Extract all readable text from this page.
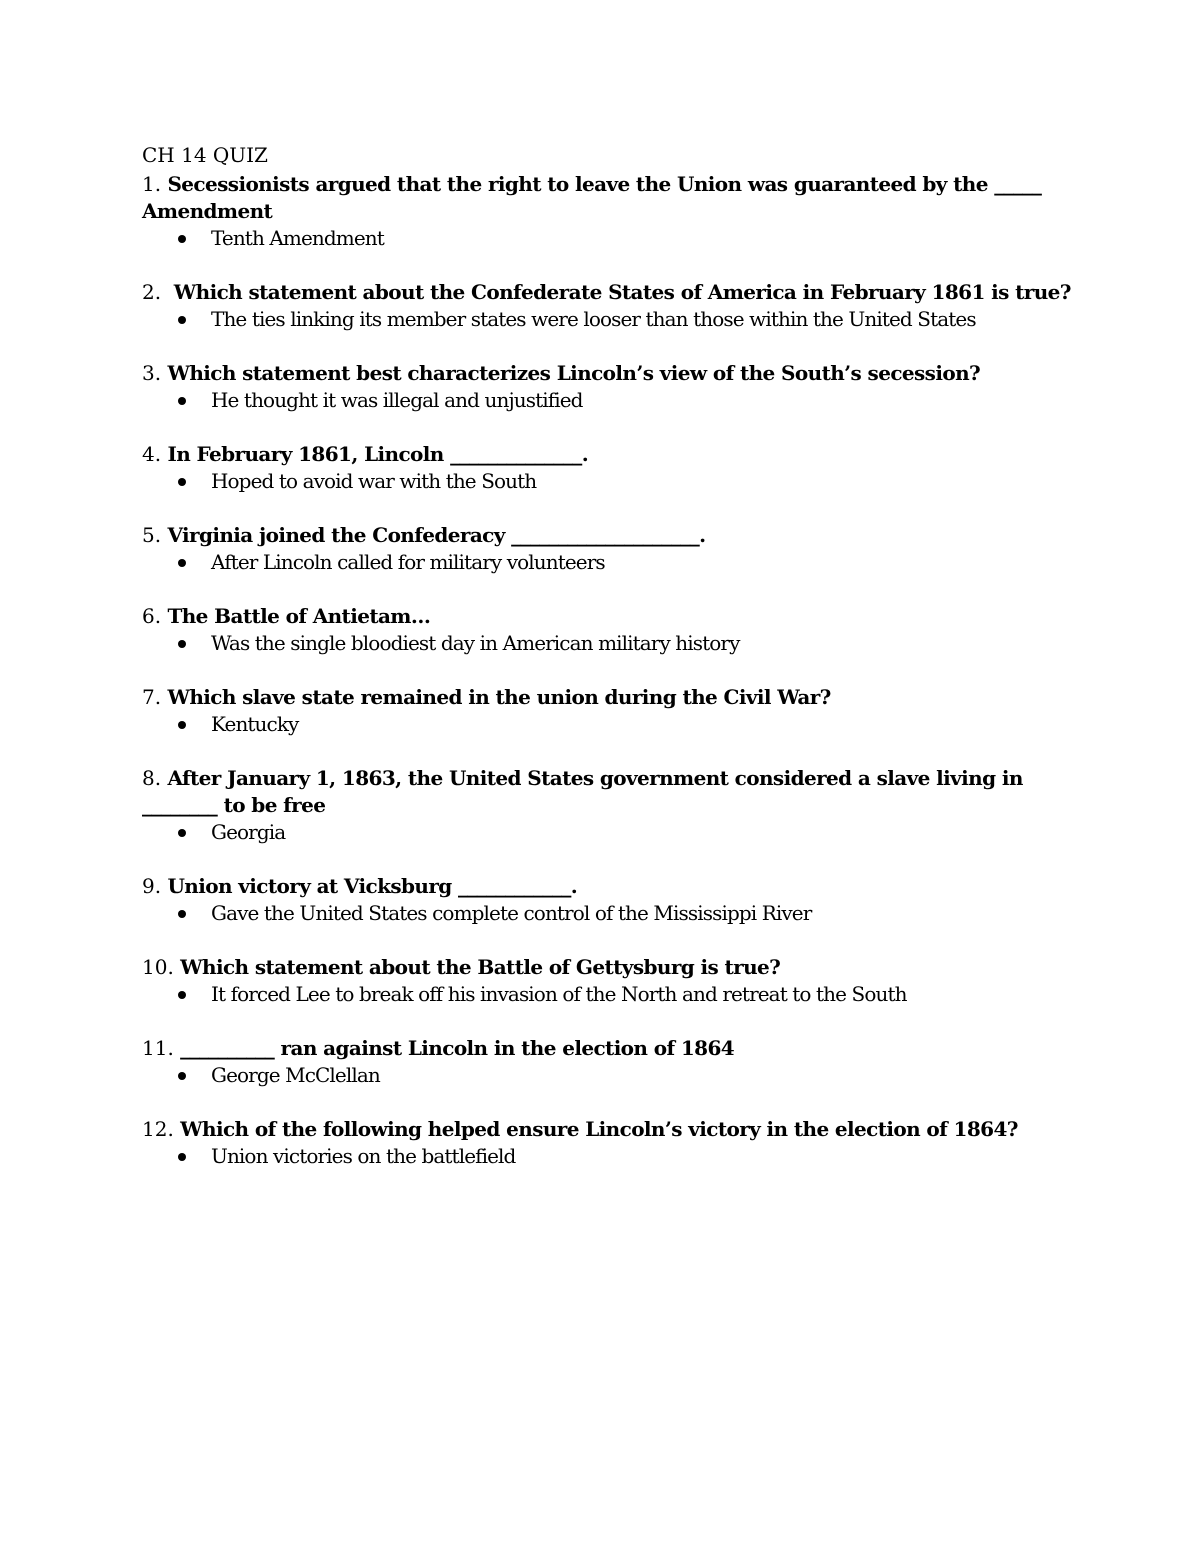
CH 14 QUIZ

1. Secessionists argued that the right to leave the Union was guaranteed by the _____ Amendment

Tenth Amendment

2.  Which statement about the Confederate States of America in February 1861 is true?

The ties linking its member states were looser than those within the United States

3. Which statement best characterizes Lincoln’s view of the South’s secession?

He thought it was illegal and unjustified

4. In February 1861, Lincoln ______________.

Hoped to avoid war with the South

5. Virginia joined the Confederacy ____________________.

After Lincoln called for military volunteers

6. The Battle of Antietam…

Was the single bloodiest day in American military history

7. Which slave state remained in the union during the Civil War?

Kentucky

8. After January 1, 1863, the United States government considered a slave living in ________ to be free

Georgia

9. Union victory at Vicksburg ____________.

Gave the United States complete control of the Mississippi River

10. Which statement about the Battle of Gettysburg is true?

It forced Lee to break off his invasion of the North and retreat to the South

11. __________ ran against Lincoln in the election of 1864

George McClellan

12. Which of the following helped ensure Lincoln’s victory in the election of 1864?

Union victories on the battlefield
